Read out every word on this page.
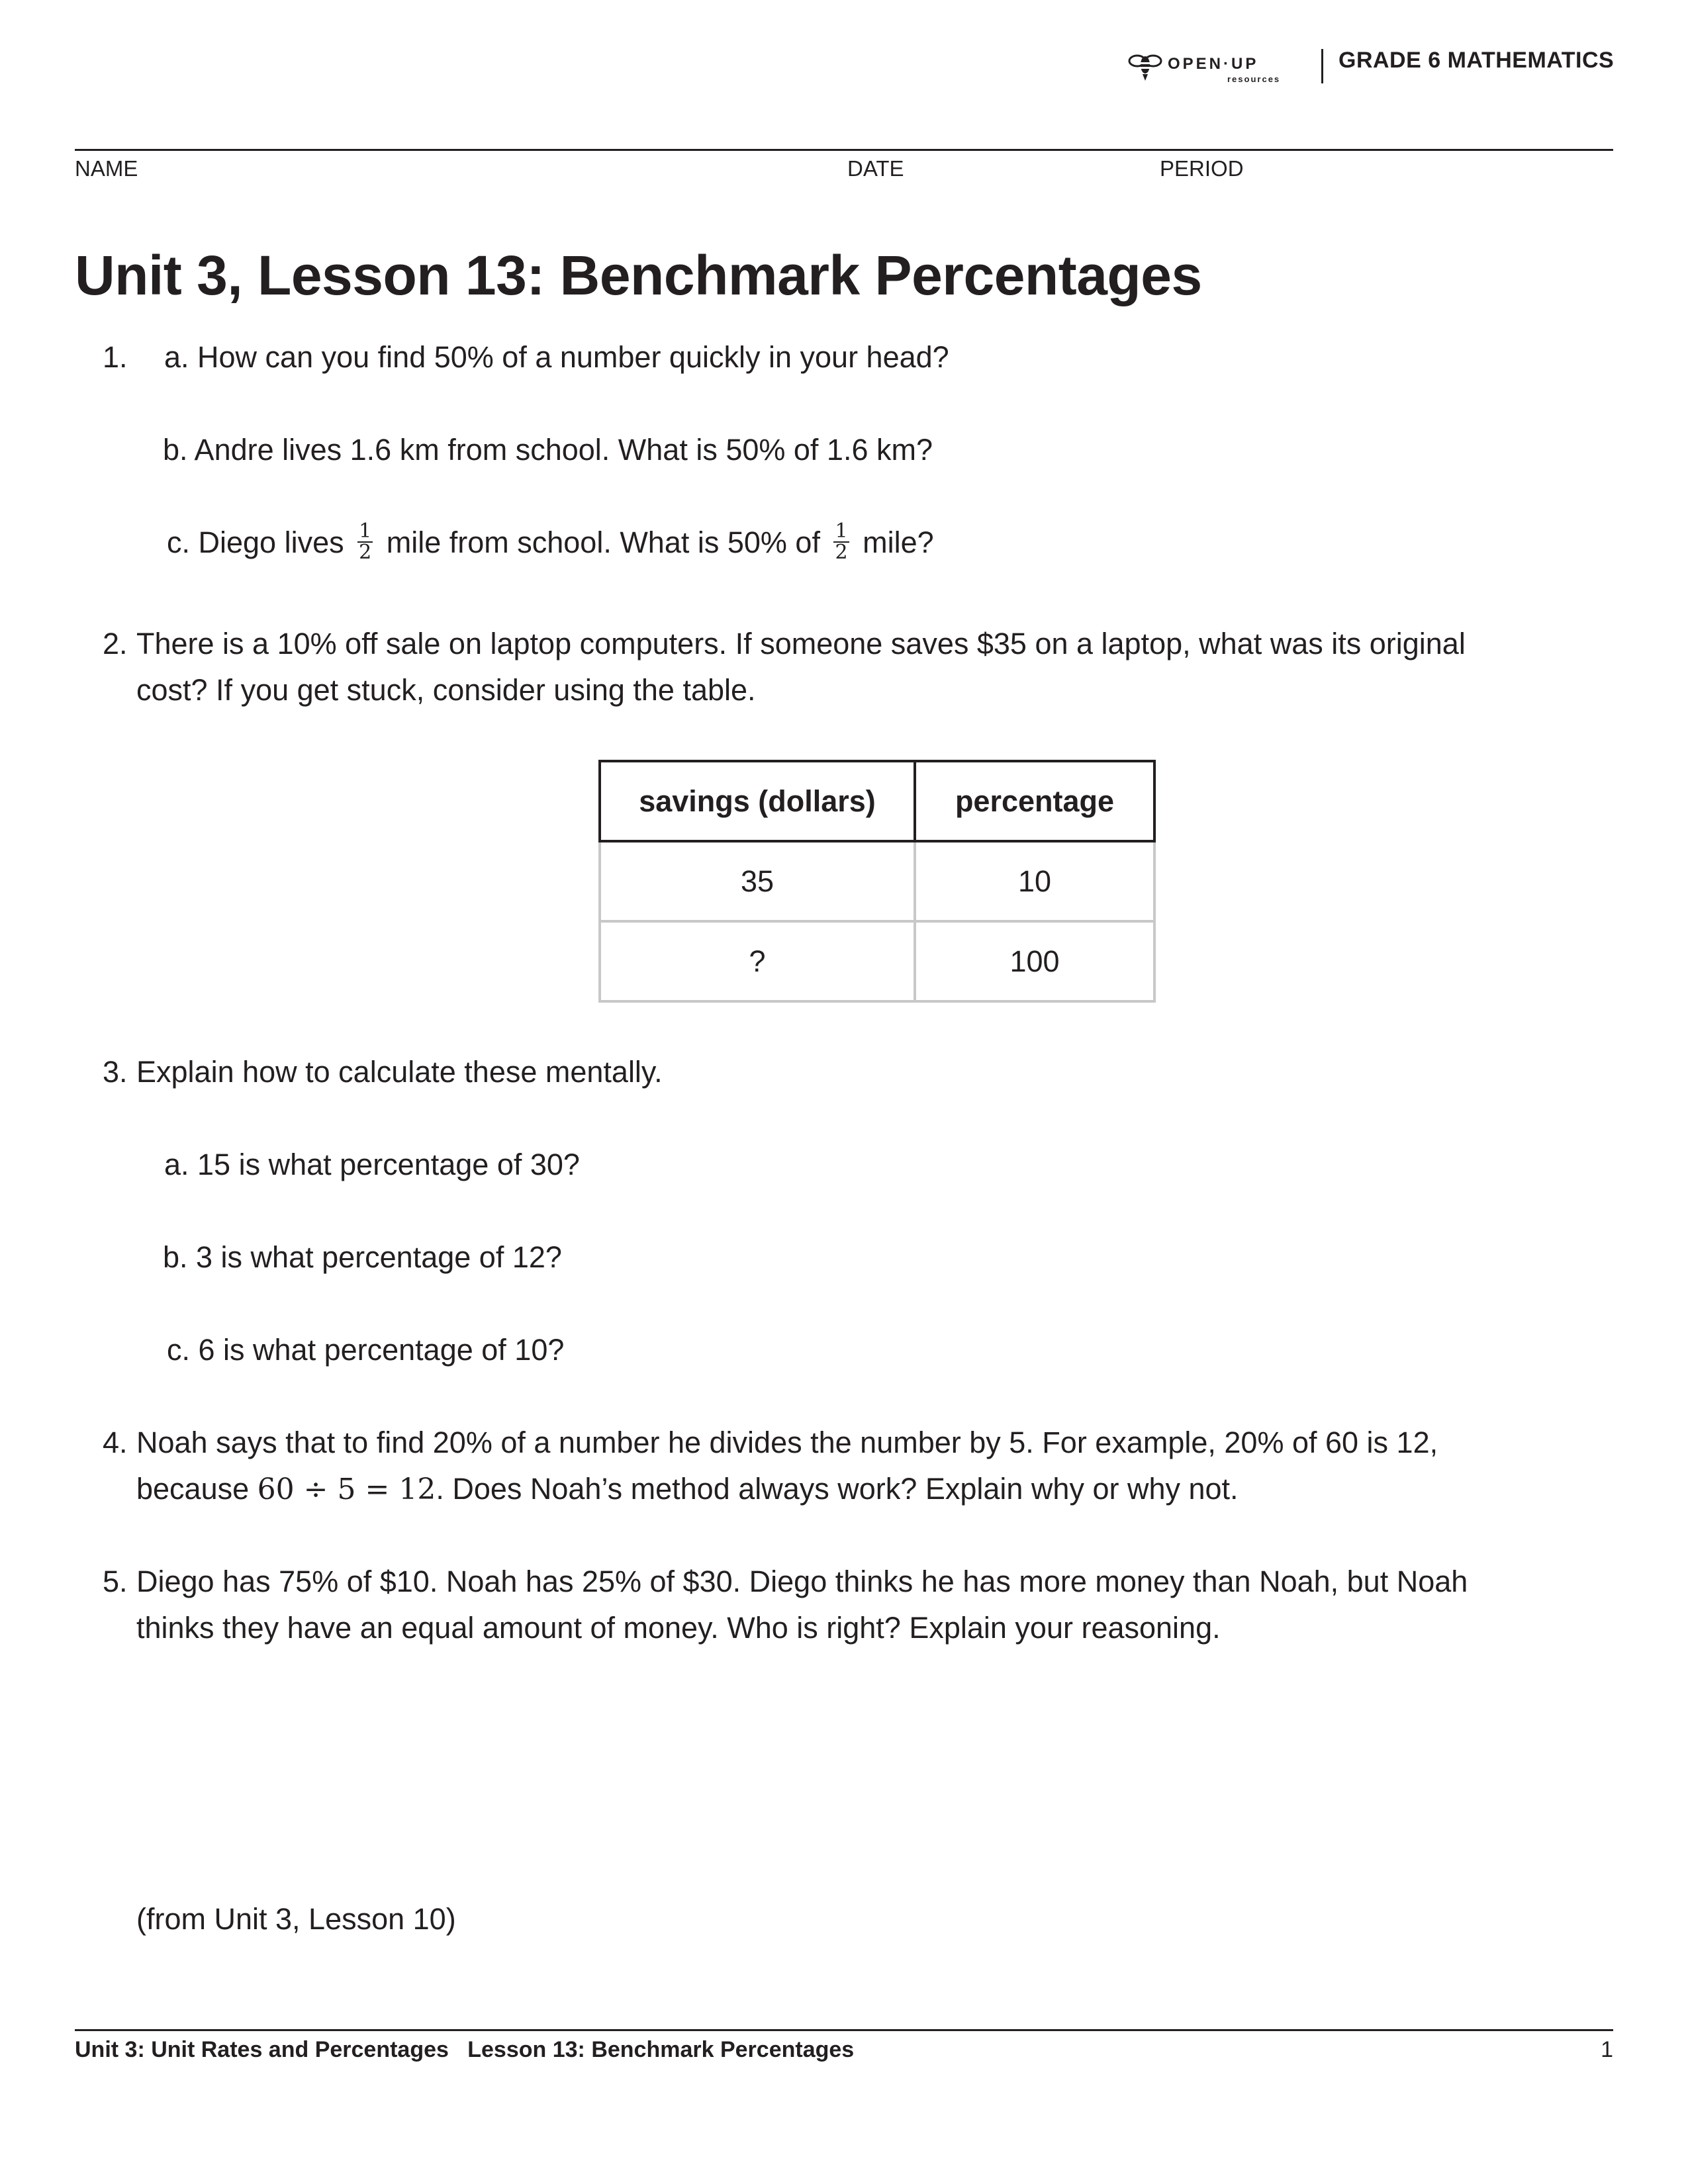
OPEN·UP
resources
GRADE 6 MATHEMATICS
NAME	DATE	PERIOD
Unit 3, Lesson 13: Benchmark Percentages
1. a. How can you find 50% of a number quickly in your head?
b. Andre lives 1.6 km from school. What is 50% of 1.6 km?
c. Diego lives $\frac{1}{2}$ mile from school. What is 50% of $\frac{1}{2}$ mile?
2. There is a 10% off sale on laptop computers. If someone saves $35 on a laptop, what was its original
cost? If you get stuck, consider using the table.
savings (dollars)	percentage
35	10
?	100
3. Explain how to calculate these mentally.
a. 15 is what percentage of 30?
b. 3 is what percentage of 12?
c. 6 is what percentage of 10?
4. Noah says that to find 20% of a number he divides the number by 5. For example, 20% of 60 is 12,
because 60 ÷ 5 = 12. Does Noah’s method always work? Explain why or why not.
5. Diego has 75% of $10. Noah has 25% of $30. Diego thinks he has more money than Noah, but Noah
thinks they have an equal amount of money. Who is right? Explain your reasoning.
(from Unit 3, Lesson 10)
Unit 3: Unit Rates and Percentages   Lesson 13: Benchmark Percentages	1
